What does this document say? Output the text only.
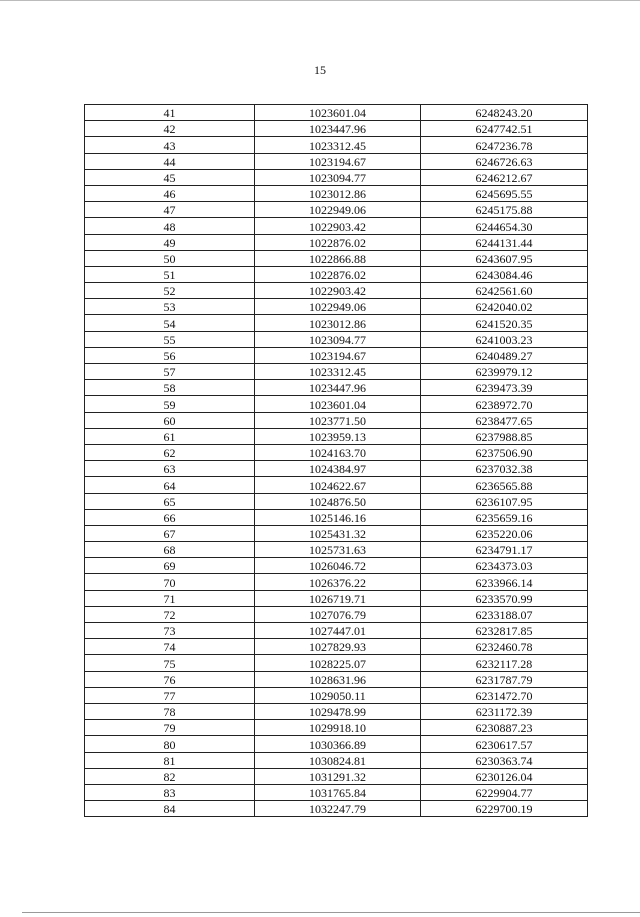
15
41	1023601.04	6248243.20
42	1023447.96	6247742.51
43	1023312.45	6247236.78
44	1023194.67	6246726.63
45	1023094.77	6246212.67
46	1023012.86	6245695.55
47	1022949.06	6245175.88
48	1022903.42	6244654.30
49	1022876.02	6244131.44
50	1022866.88	6243607.95
51	1022876.02	6243084.46
52	1022903.42	6242561.60
53	1022949.06	6242040.02
54	1023012.86	6241520.35
55	1023094.77	6241003.23
56	1023194.67	6240489.27
57	1023312.45	6239979.12
58	1023447.96	6239473.39
59	1023601.04	6238972.70
60	1023771.50	6238477.65
61	1023959.13	6237988.85
62	1024163.70	6237506.90
63	1024384.97	6237032.38
64	1024622.67	6236565.88
65	1024876.50	6236107.95
66	1025146.16	6235659.16
67	1025431.32	6235220.06
68	1025731.63	6234791.17
69	1026046.72	6234373.03
70	1026376.22	6233966.14
71	1026719.71	6233570.99
72	1027076.79	6233188.07
73	1027447.01	6232817.85
74	1027829.93	6232460.78
75	1028225.07	6232117.28
76	1028631.96	6231787.79
77	1029050.11	6231472.70
78	1029478.99	6231172.39
79	1029918.10	6230887.23
80	1030366.89	6230617.57
81	1030824.81	6230363.74
82	1031291.32	6230126.04
83	1031765.84	6229904.77
84	1032247.79	6229700.19
